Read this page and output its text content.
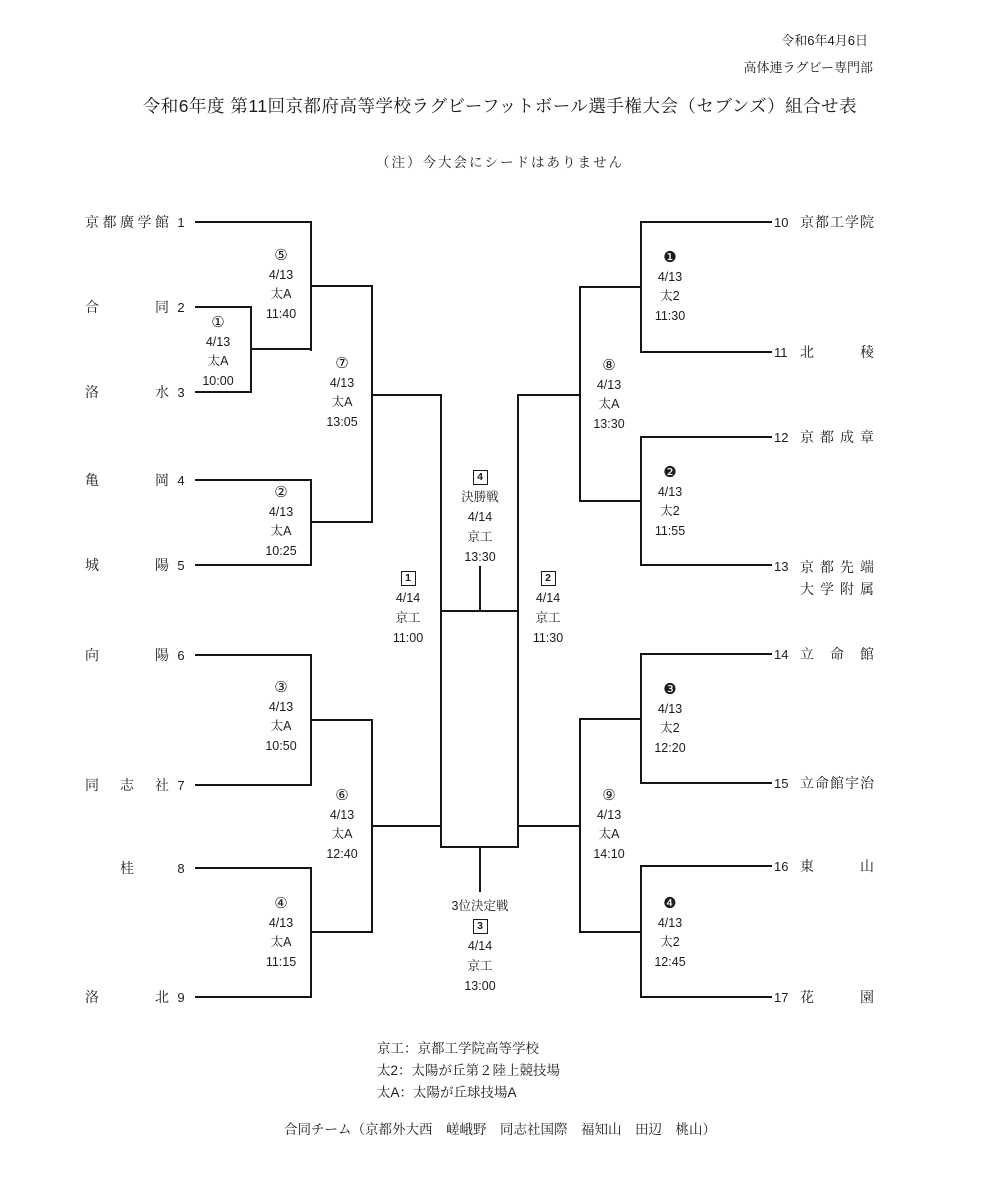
令和6年4月6日
高体連ラグビー専門部
令和6年度 第11回京都府高等学校ラグビーフットボール選手権大会（セブンズ）組合せ表
（注）今大会にシードはありません
京都廣学館 1
合同 2
洛水 3
亀岡 4
城陽 5
向陽 6
同志社 7
桂	8
洛北 9
10 京都工学院
11 北稜
12 京都成章
13 京都先端
大学附属
14 立命館
15 立命館宇治
16 東山
17 花園
①
4/13
太A
10:00
②
4/13
太A
10:25
③
4/13
太A
10:50
④
4/13
太A
11:15
⑤
4/13
太A
11:40
⑥
4/13
太A
12:40
⑦
4/13
太A
13:05
⑧
4/13
太A
13:30
⑨
4/13
太A
14:10
❶
4/13
太2
11:30
❷
4/13
太2
11:55
❸
4/13
太2
12:20
❹
4/13
太2
12:45
1
4/14
京工
11:00
2
4/14
京工
11:30
4
決勝戦
4/14
京工
13:30
3位決定戦
3
4/14
京工
13:00
京工：京都工学院高等学校
太2：太陽が丘第２陸上競技場
太A：太陽が丘球技場A
合同チーム（京都外大西　嵯峨野　同志社国際　福知山　田辺　桃山）
